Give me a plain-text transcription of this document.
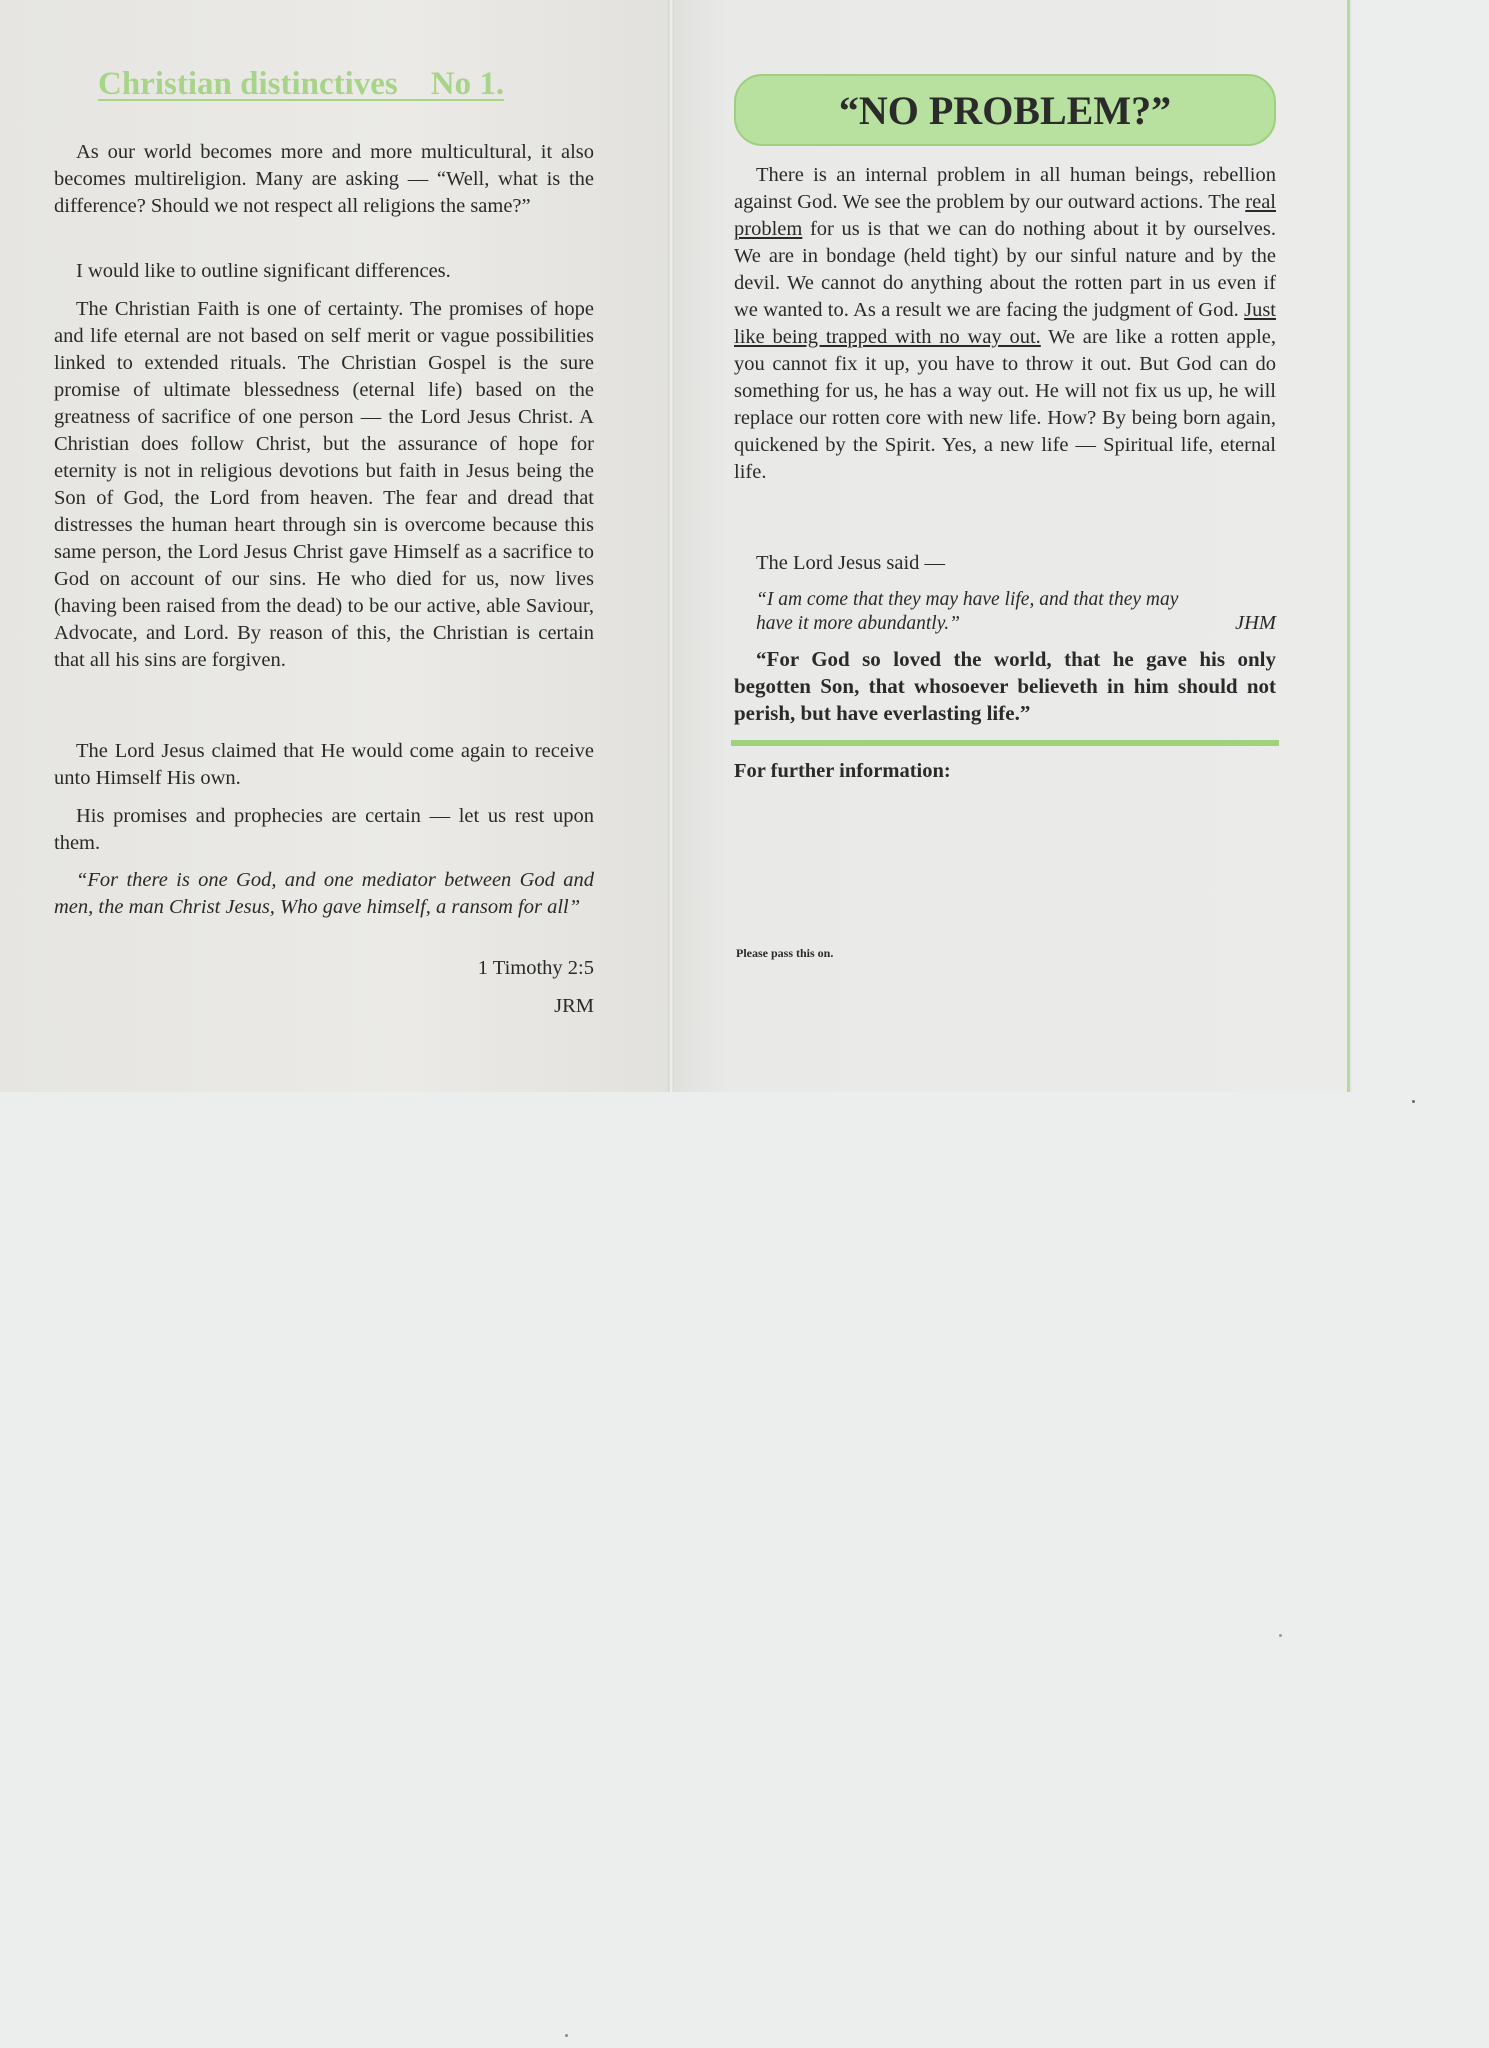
Christian distinctives    No 1.

As our world becomes more and more multicultural, it also becomes multireligion. Many are asking — “Well, what is the difference? Should we not respect all religions the same?”

I would like to outline significant differences.

The Christian Faith is one of certainty. The promises of hope and life eternal are not based on self merit or vague possibilities linked to extended rituals. The Christian Gospel is the sure promise of ultimate blessedness (eternal life) based on the greatness of sacrifice of one person — the Lord Jesus Christ. A Christian does follow Christ, but the assurance of hope for eternity is not in religious devotions but faith in Jesus being the Son of God, the Lord from heaven. The fear and dread that distresses the human heart through sin is overcome because this same person, the Lord Jesus Christ gave Himself as a sacrifice to God on account of our sins. He who died for us, now lives (having been raised from the dead) to be our active, able Saviour, Advocate, and Lord. By reason of this, the Christian is certain that all his sins are forgiven.

The Lord Jesus claimed that He would come again to receive unto Himself His own.

His promises and prophecies are certain — let us rest upon them.

“For there is one God, and one mediator between God and men, the man Christ Jesus, Who gave himself, a ransom for all”

1 Timothy 2:5
JRM
“NO PROBLEM?”

There is an internal problem in all human beings, rebellion against God. We see the problem by our outward actions. The real problem for us is that we can do nothing about it by ourselves. We are in bondage (held tight) by our sinful nature and by the devil. We cannot do anything about the rotten part in us even if we wanted to. As a result we are facing the judgment of God. Just like being trapped with no way out. We are like a rotten apple, you cannot fix it up, you have to throw it out. But God can do something for us, he has a way out. He will not fix us up, he will replace our rotten core with new life. How? By being born again, quickened by the Spirit. Yes, a new life — Spiritual life, eternal life.

The Lord Jesus said —

“I am come that they may have life, and that they may have it more abundantly.”	JHM

“For God so loved the world, that he gave his only begotten Son, that whosoever believeth in him should not perish, but have everlasting life.”

For further information:
Please pass this on.
